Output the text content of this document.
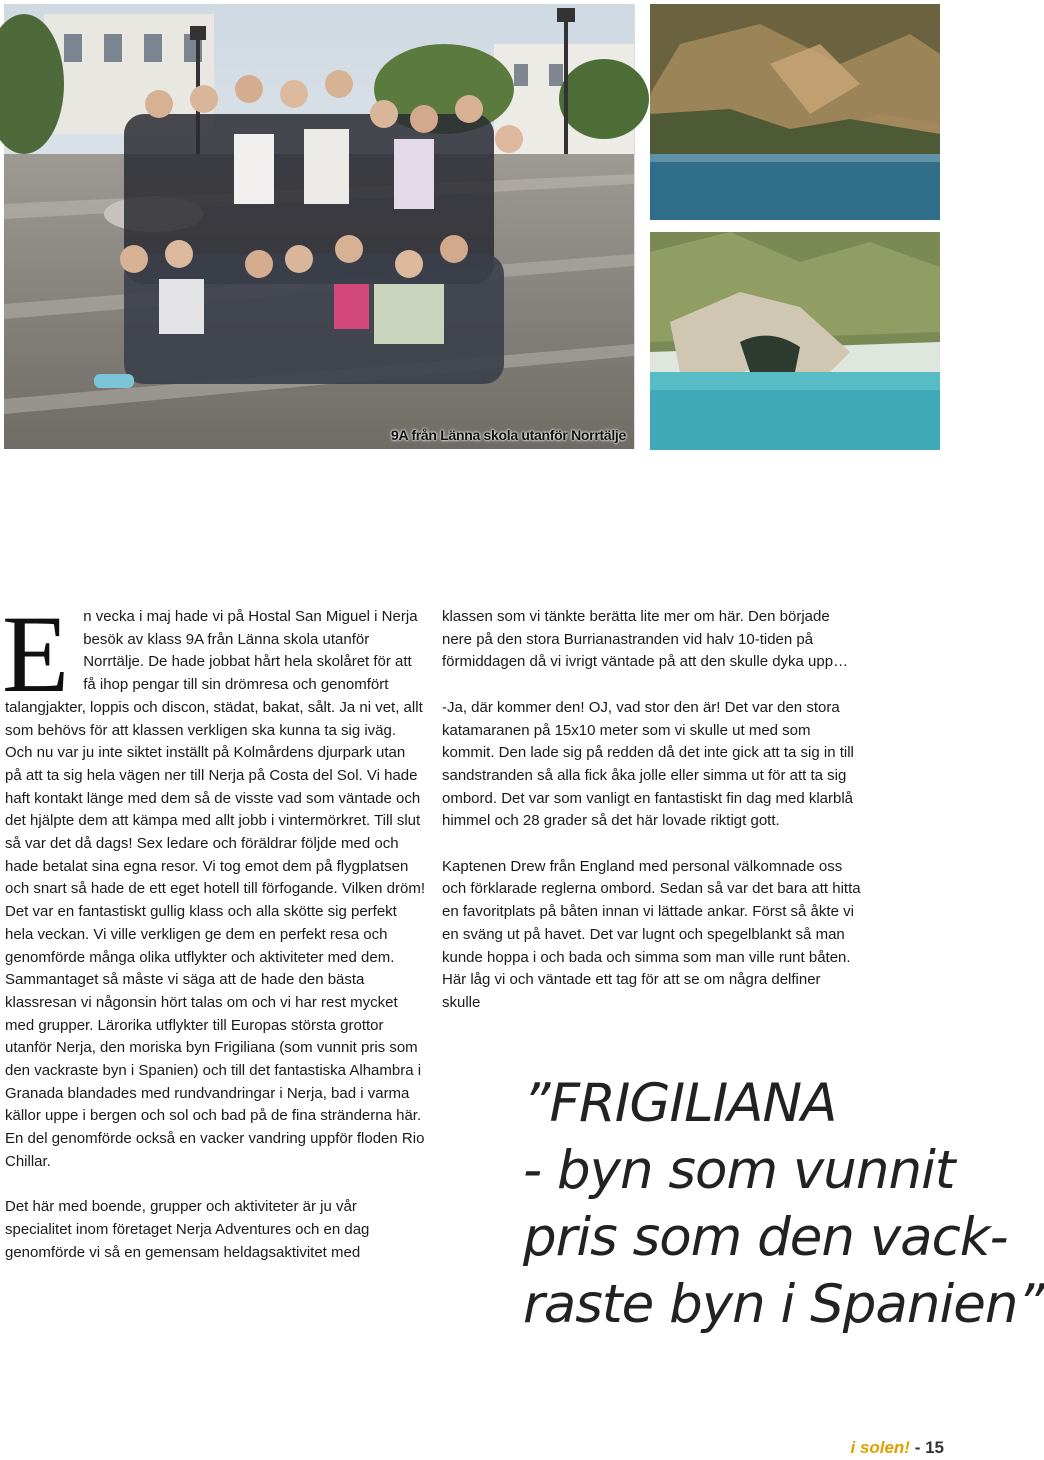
9A från Länna skola utanför Norrtälje

En vecka i maj hade vi på Hostal San Miguel i Nerja besök av klass 9A från Länna skola utanför Norrtälje. De hade jobbat hårt hela skolåret för att få ihop pengar till sin drömresa och genomfört talangjakter, loppis och discon, städat, bakat, sålt. Ja ni vet, allt som behövs för att klassen verkligen ska kunna ta sig iväg. Och nu var ju inte siktet inställt på Kolmårdens djurpark utan på att ta sig hela vägen ner till Nerja på Costa del Sol. Vi hade haft kontakt länge med dem så de visste vad som väntade och det hjälpte dem att kämpa med allt jobb i vintermörkret. Till slut så var det då dags! Sex ledare och föräldrar följde med och hade betalat sina egna resor. Vi tog emot dem på flygplatsen och snart så hade de ett eget hotell till förfogande. Vilken dröm! Det var en fantastiskt gullig klass och alla skötte sig perfekt hela veckan. Vi ville verkligen ge dem en perfekt resa och genomförde många olika utflykter och aktiviteter med dem. Sammantaget så måste vi säga att de hade den bästa klassresan vi någonsin hört talas om och vi har rest mycket med grupper. Lärorika utflykter till Europas största grottor utanför Nerja, den moriska byn Frigiliana (som vunnit pris som den vackraste byn i Spanien) och till det fantastiska Alhambra i Granada blandades med rundvandringar i Nerja, bad i varma källor uppe i bergen och sol och bad på de fina stränderna här. En del genomförde också en vacker vandring uppför floden Rio Chillar.

Det här med boende, grupper och aktiviteter är ju vår specialitet inom företaget Nerja Adventures och en dag genomförde vi så en gemensam heldagsaktivitet med

klassen som vi tänkte berätta lite mer om här. Den började nere på den stora Burrianastranden vid halv 10-tiden på förmiddagen då vi ivrigt väntade på att den skulle dyka upp…

-Ja, där kommer den! OJ, vad stor den är! Det var den stora katamaranen på 15x10 meter som vi skulle ut med som kommit. Den lade sig på redden då det inte gick att ta sig in till sandstranden så alla fick åka jolle eller simma ut för att ta sig ombord. Det var som vanligt en fantastiskt fin dag med klarblå himmel och 28 grader så det här lovade riktigt gott.

Kaptenen Drew från England med personal välkomnade oss och förklarade reglerna ombord. Sedan så var det bara att hitta en favoritplats på båten innan vi lättade ankar. Först så åkte vi en sväng ut på havet. Det var lugnt och spegelblankt så man kunde hoppa i och bada och simma som man ville runt båten. Här låg vi och väntade ett tag för att se om några delfiner skulle

”FRIGILIANA
- byn som vunnit
pris som den vack-
raste byn i Spanien”
i solen! - 15
